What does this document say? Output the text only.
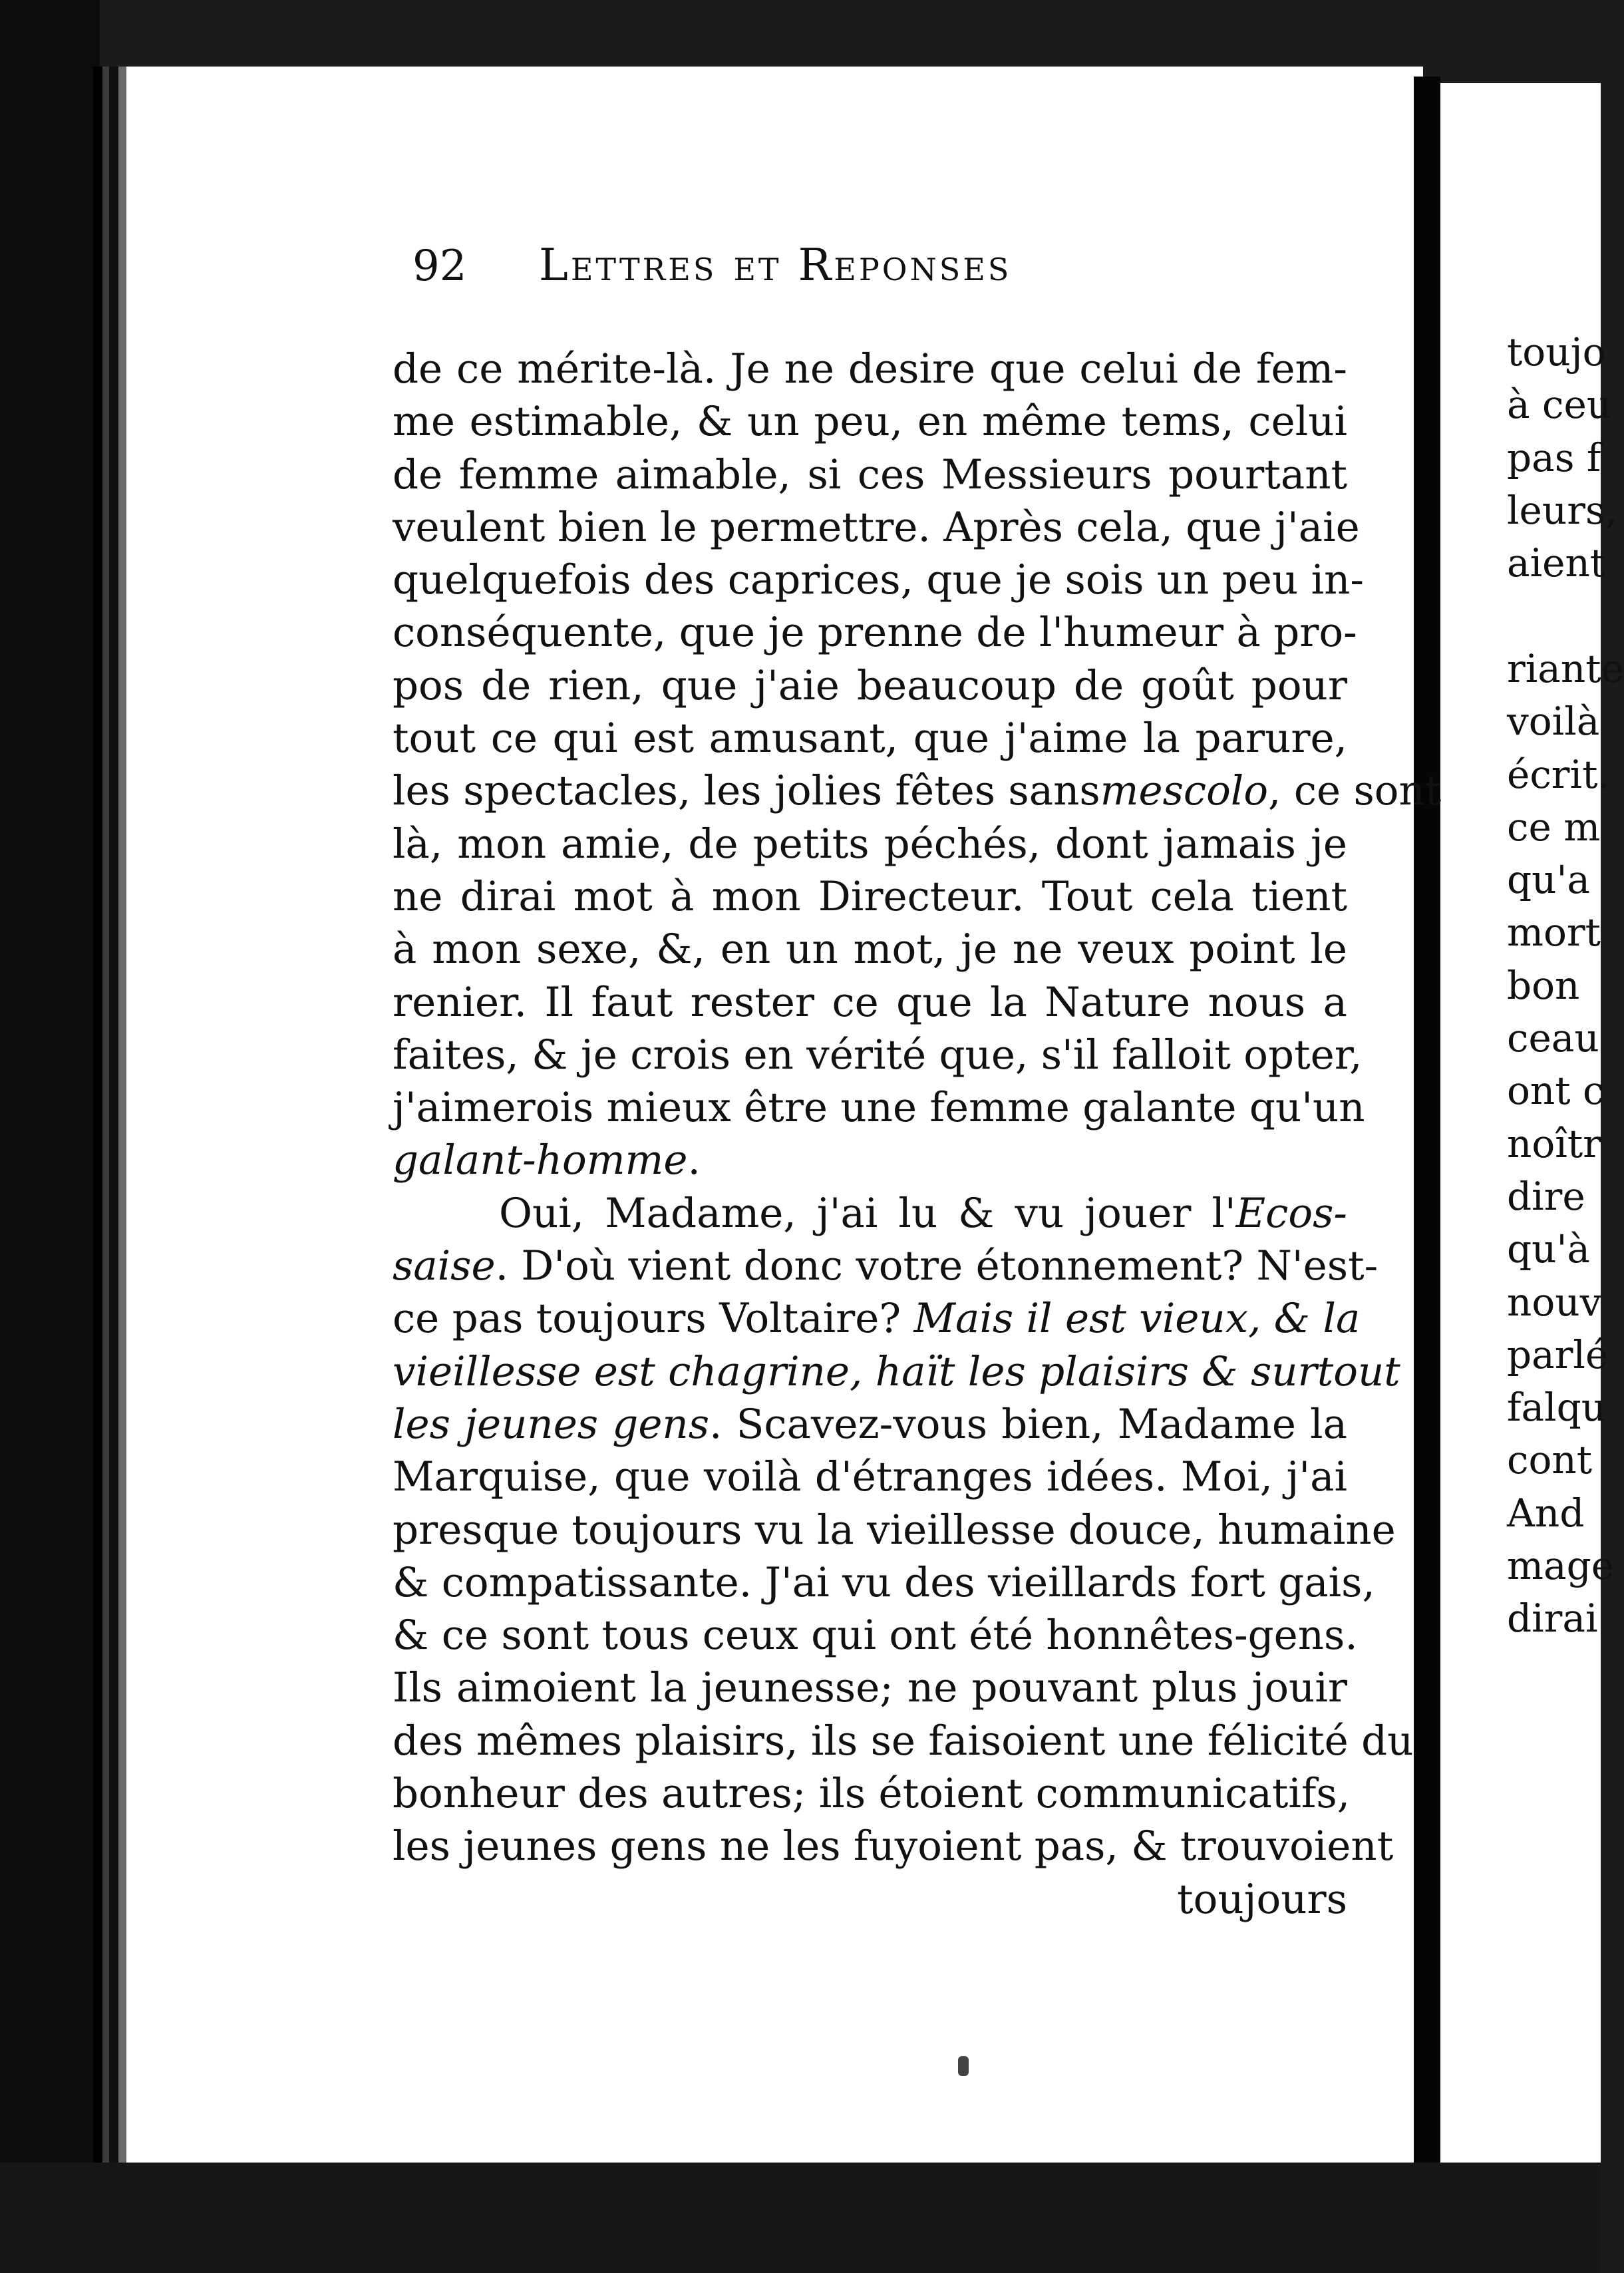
92	Lettres et Reponses
de ce mérite-là. Je ne desire que celui de fem-
me estimable, & un peu, en même tems, celui
de femme aimable, si ces Messieurs pourtant
veulent bien le permettre. Après cela, que j'aie
quelquefois des caprices, que je sois un peu in-
conséquente, que je prenne de l'humeur à pro-
pos de rien, que j'aie beaucoup de goût pour
tout ce qui est amusant, que j'aime la parure,
les spectacles, les jolies fêtes sansmescolo, ce sont
là, mon amie, de petits péchés, dont jamais je
ne dirai mot à mon Directeur. Tout cela tient
à mon sexe, &, en un mot, je ne veux point le
renier. Il faut rester ce que la Nature nous a
faites, & je crois en vérité que, s'il falloit opter,
j'aimerois mieux être une femme galante qu'un
galant-homme.
Oui, Madame, j'ai lu & vu jouer l'Ecos-
saise. D'où vient donc votre étonnement? N'est-
ce pas toujours Voltaire? Mais il est vieux, & la
vieillesse est chagrine, haït les plaisirs & surtout
les jeunes gens. Scavez-vous bien, Madame la
Marquise, que voilà d'étranges idées. Moi, j'ai
presque toujours vu la vieillesse douce, humaine
& compatissante. J'ai vu des vieillards fort gais,
& ce sont tous ceux qui ont été honnêtes-gens.
Ils aimoient la jeunesse; ne pouvant plus jouir
des mêmes plaisirs, ils se faisoient une félicité du
bonheur des autres; ils étoient communicatifs,
les jeunes gens ne les fuyoient pas, & trouvoient
toujours
toujo
à ceu
pas f
leurs,
aient
riante
voilà
écrit.
ce m
qu'a
mort
bon
ceau
ont c
noîtr
dire
qu'à
nouv
parlé
falqu
cont
And
mage
dirai
